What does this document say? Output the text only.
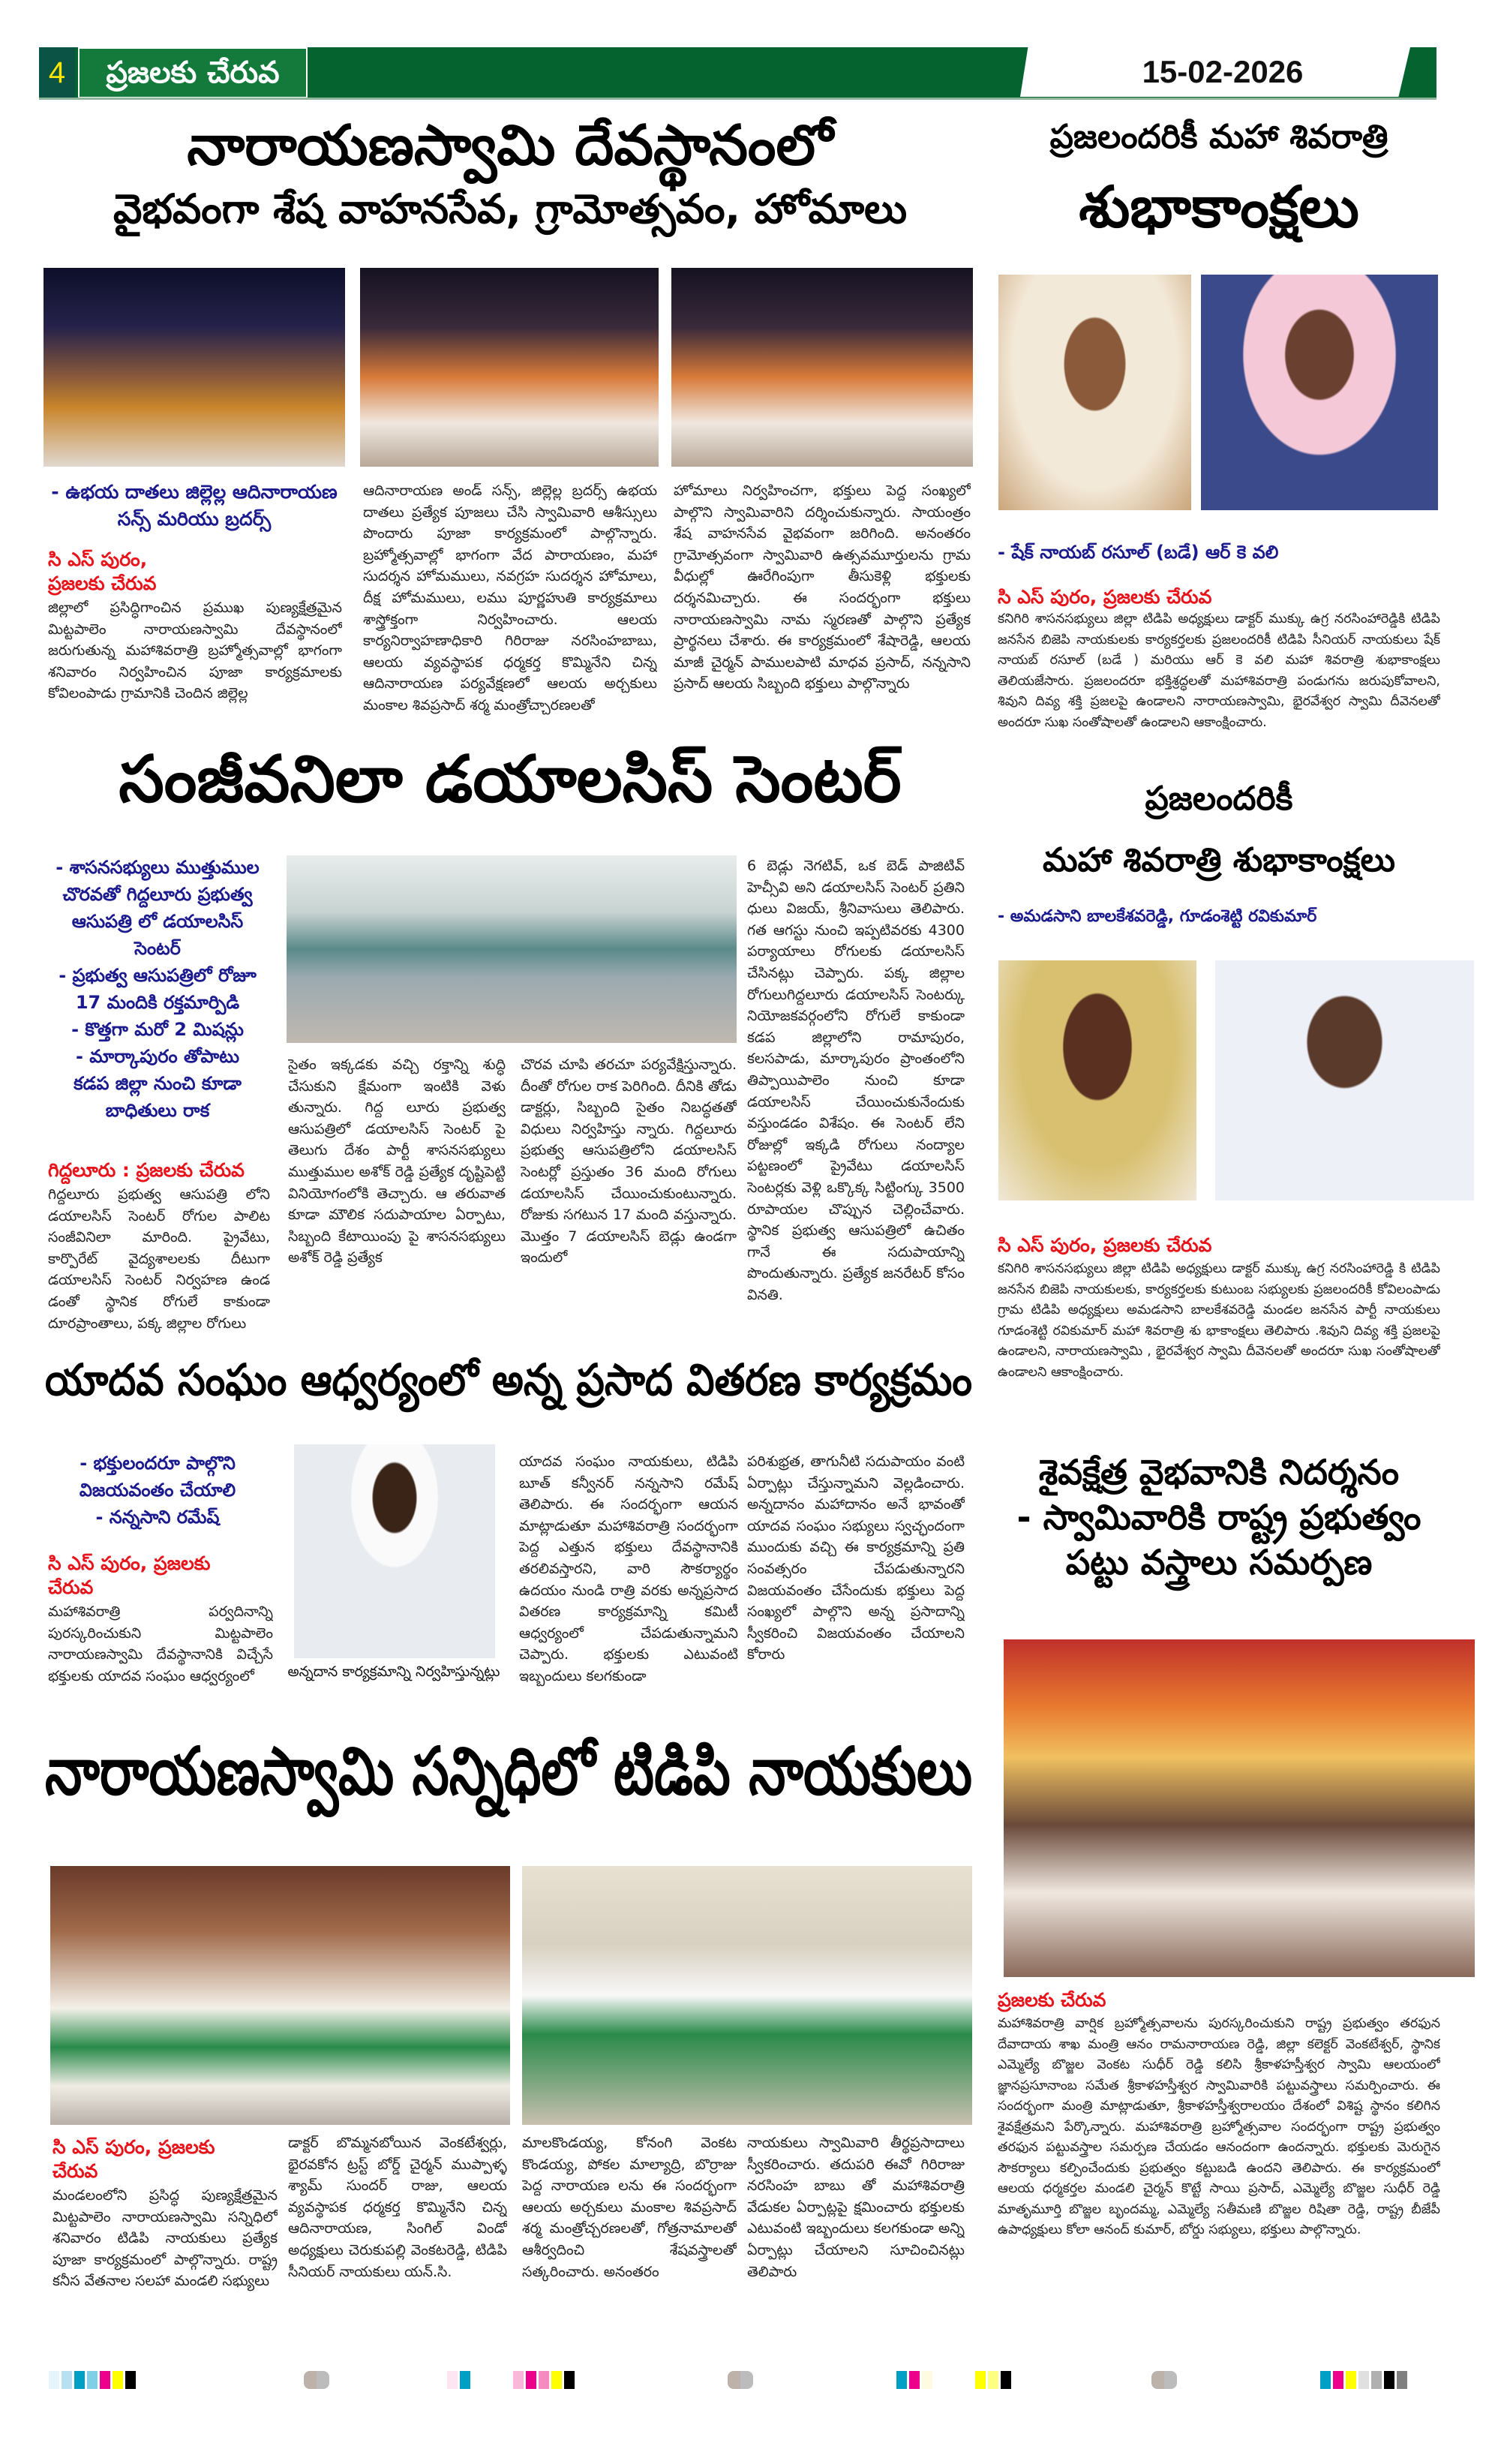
4	ప్రజలకు చేరువ	15-02-2026
నారాయణస్వామి దేవస్థానంలో
వైభవంగా శేష వాహనసేవ, గ్రామోత్సవం, హోమాలు
- ఉభయ దాతలు జిల్లెల్ల ఆదినారాయణ
సన్స్ మరియు బ్రదర్స్
సి ఎస్ పురం,
ప్రజలకు చేరువ
జిల్లాలో ప్రసిద్ధిగాంచిన ప్రముఖ పుణ్యక్షేత్రమైన మిట్టపాలెం నారాయణస్వామి దేవస్థానంలో జరుగుతున్న మహాశివరాత్రి బ్రహ్మోత్సవాల్లో భాగంగా శనివారం నిర్వహించిన పూజా కార్యక్రమాలకు కోవిలంపాడు గ్రామానికి చెందిన జిల్లెల్ల
ఆదినారాయణ అండ్ సన్స్, జిల్లెల్ల బ్రదర్స్ ఉభయ దాతలు ప్రత్యేక పూజలు చేసి స్వామివారి ఆశీస్సులు పొందారు పూజా కార్యక్రమంలో పాల్గొన్నారు. బ్రహ్మోత్సవాల్లో భాగంగా వేద పారాయణం, మహా సుదర్శన హోమములు, నవగ్రహ సుదర్శన హోమాలు, దీక్ష హోమములు, లము పూర్ణహుతి కార్యక్రమాలు శాస్త్రోక్తంగా నిర్వహించారు. ఆలయ కార్యనిర్వాహణాధికారి గిరిరాజు నరసింహబాబు, ఆలయ వ్యవస్థాపక ధర్మకర్త కొమ్మినేని చిన్న ఆదినారాయణ పర్యవేక్షణలో ఆలయ అర్చకులు మంకాల శివప్రసాద్ శర్మ మంత్రోచ్చారణలతో
హోమాలు నిర్వహించగా, భక్తులు పెద్ద సంఖ్యలో పాల్గొని స్వామివారిని దర్శించుకున్నారు. సాయంత్రం శేష వాహనసేవ వైభవంగా జరిగింది. అనంతరం గ్రామోత్సవంగా స్వామివారి ఉత్సవమూర్తులను గ్రామ వీధుల్లో ఊరేగింపుగా తీసుకెళ్లి భక్తులకు దర్శనమిచ్చారు. ఈ సందర్భంగా భక్తులు నారాయణస్వామి నామ స్మరణతో పాల్గొని ప్రత్యేక ప్రార్థనలు చేశారు. ఈ కార్యక్రమంలో శేషారెడ్డి, ఆలయ మాజీ చైర్మన్ పాములపాటి మాధవ ప్రసాద్, నన్నసాని ప్రసాద్ ఆలయ సిబ్బంది భక్తులు పాల్గొన్నారు
ప్రజలందరికీ మహా శివరాత్రి
శుభాకాంక్షలు
- షేక్ నాయబ్ రసూల్ (బడే) ఆర్ కె వలి
సి ఎస్ పురం, ప్రజలకు చేరువ
కనిగిరి శాసనసభ్యులు జిల్లా టిడిపి అధ్యక్షులు డాక్టర్ ముక్కు ఉగ్ర నరసింహారెడ్డికి టిడిపి జనసేన బిజెపి నాయకులకు కార్యకర్తలకు ప్రజలందరికీ టిడిపి సీనియర్ నాయకులు షేక్ నాయబ్ రసూల్ (బడే ) మరియు ఆర్ కె వలి మహా శివరాత్రి శుభాకాంక్షలు తెలియజేసారు. ప్రజలందరూ భక్తిశ్రద్ధలతో మహాశివరాత్రి పండుగను జరుపుకోవాలని, శివుని దివ్య శక్తి ప్రజలపై ఉండాలని నారాయణస్వామి, భైరవేశ్వర స్వామి దీవెనలతో అందరూ సుఖ సంతోషాలతో ఉండాలని ఆకాంక్షించారు.
సంజీవనిలా డయాలసిస్ సెంటర్
- శాసనసభ్యులు ముత్తుముల
చొరవతో గిద్దలూరు ప్రభుత్వ
ఆసుపత్రి లో డయాలసిస్
సెంటర్
- ప్రభుత్వ ఆసుపత్రిలో రోజూ
17 మందికి రక్తమార్పిడి
- కొత్తగా మరో 2 మిషన్లు
- మార్కాపురం తోపాటు
కడప జిల్లా నుంచి కూడా
బాధితులు రాక
గిద్దలూరు : ప్రజలకు చేరువ
గిద్దలూరు ప్రభుత్వ ఆసుపత్రి లోని డయాలసిస్ సెంటర్ రోగుల పాలిట సంజీవినిలా మారింది. ప్రైవేటు, కార్పొరేట్ వైద్యశాలలకు దీటుగా డయాలసిస్ సెంటర్ నిర్వహణ ఉండ డంతో స్థానిక రోగులే కాకుండా దూరప్రాంతాలు, పక్క జిల్లాల రోగులు
సైతం ఇక్కడకు వచ్చి రక్తాన్ని శుద్ధి చేసుకుని క్షేమంగా ఇంటికి వెళు తున్నారు. గిద్ద లూరు ప్రభుత్వ ఆసుపత్రిలో డయాలసిస్ సెంటర్ పై తెలుగు దేశం పార్టీ శాసనసభ్యులు ముత్తుముల అశోక్ రెడ్డి ప్రత్యేక దృష్టిపెట్టి వినియోగంలోకి తెచ్చారు. ఆ తరువాత కూడా మౌలిక సదుపాయాల ఏర్పాటు, సిబ్బంది కేటాయింపు పై శాసనసభ్యులు అశోక్ రెడ్డి ప్రత్యేక
చొరవ చూపి తరచూ పర్యవేక్షిస్తున్నారు. దీంతో రోగుల రాక పెరిగింది. దీనికి తోడు డాక్టర్లు, సిబ్బంది సైతం నిబద్ధతతో విధులు నిర్వహిస్తు న్నారు. గిద్దలూరు ప్రభుత్వ ఆసుపత్రిలోని డయాలసిస్ సెంటర్లో ప్రస్తుతం 36 మంది రోగులు డయాలసిస్ చేయించుకుంటున్నారు. రోజుకు సగటున 17 మంది వస్తున్నారు. మొత్తం 7 డయాలసిస్ బెడ్లు ఉండగా ఇందులో
6 బెడ్లు నెగటివ్, ఒక బెడ్ పాజిటివ్ హెచ్సీవి అని డయాలసిస్ సెంటర్ ప్రతిని ధులు విజయ్, శ్రీనివాసులు తెలిపారు. గత ఆగస్టు నుంచి ఇప్పటివరకు 4300 పర్యాయాలు రోగులకు డయాలసిస్ చేసినట్లు చెప్పారు. పక్క జిల్లాల రోగులుగిద్దలూరు డయాలసిస్ సెంటర్కు నియోజకవర్గంలోని రోగులే కాకుండా కడప జిల్లాలోని రామాపురం, కలసపాడు, మార్కాపురం ప్రాంతంలోని తిప్పాయిపాలెం నుంచి కూడా డయాలసిస్ చేయించుకునేందుకు వస్తుండడం విశేషం. ఈ సెంటర్ లేని రోజుల్లో ఇక్కడి రోగులు నంద్యాల పట్టణంలో ప్రైవేటు డయాలసిస్ సెంటర్లకు వెళ్లి ఒక్కొక్క సిట్టింగ్కు 3500 రూపాయల చొప్పున చెల్లించేవారు. స్థానిక ప్రభుత్వ ఆసుపత్రిలో ఉచితం గానే ఈ సదుపాయాన్ని పొందుతున్నారు. ప్రత్యేక జనరేటర్ కోసం వినతి.
ప్రజలందరికీ
మహా శివరాత్రి శుభాకాంక్షలు
- అమడసాని బాలకేశవరెడ్డి, గూడంశెట్టి రవికుమార్
సి ఎస్ పురం, ప్రజలకు చేరువ
కనిగిరి శాసనసభ్యులు జిల్లా టిడిపి అధ్యక్షులు డాక్టర్ ముక్కు ఉగ్ర నరసింహారెడ్డి కి టిడిపి జనసేన బిజెపి నాయకులకు, కార్యకర్తలకు కుటుంబ సభ్యులకు ప్రజలందరికీ కోవిలంపాడు గ్రామ టిడిపి అధ్యక్షులు అమడసాని బాలకేశవరెడ్డి మండల జనసేన పార్టీ నాయకులు గూడంశెట్టి రవికుమార్ మహా శివరాత్రి శు భాకాంక్షలు తెలిపారు .శివుని దివ్య శక్తి ప్రజలపై ఉండాలని, నారాయణస్వామి , భైరవేశ్వర స్వామి దీవెనలతో అందరూ సుఖ సంతోషాలతో ఉండాలని ఆకాంక్షించారు.
యాదవ సంఘం ఆధ్వర్యంలో అన్న ప్రసాద వితరణ కార్యక్రమం
- భక్తులందరూ పాల్గొని
విజయవంతం చేయాలి
- నన్నసాని రమేష్
సి ఎస్ పురం, ప్రజలకు చేరువ
మహాశివరాత్రి పర్వదినాన్ని పురస్కరించుకుని మిట్టపాలెం నారాయణస్వామి దేవస్థానానికి విచ్చేసే భక్తులకు యాదవ సంఘం ఆధ్వర్యంలో	అన్నదాన కార్యక్రమాన్ని నిర్వహిస్తున్నట్లు
యాదవ సంఘం నాయకులు, టిడిపి బూత్ కన్వీనర్ నన్నసాని రమేష్ తెలిపారు. ఈ సందర్భంగా ఆయన మాట్లాడుతూ మహాశివరాత్రి సందర్భంగా పెద్ద ఎత్తున భక్తులు దేవస్థానానికి తరలివస్తారని, వారి సౌకర్యార్థం ఉదయం నుండి రాత్రి వరకు అన్నప్రసాద వితరణ కార్యక్రమాన్ని కమిటీ ఆధ్వర్యంలో చేపడుతున్నామని చెప్పారు. భక్తులకు ఎటువంటి ఇబ్బందులు కలగకుండా
పరిశుభ్రత, తాగునీటి సదుపాయం వంటి ఏర్పాట్లు చేస్తున్నామని వెల్లడించారు. అన్నదానం మహాదానం అనే భావంతో యాదవ సంఘం సభ్యులు స్వచ్ఛందంగా ముందుకు వచ్చి ఈ కార్యక్రమాన్ని ప్రతి సంవత్సరం చేపడుతున్నారని విజయవంతం చేసేందుకు భక్తులు పెద్ద సంఖ్యలో పాల్గొని అన్న ప్రసాదాన్ని స్వీకరించి విజయవంతం చేయాలని కోరారు
శైవక్షేత్ర వైభవానికి నిదర్శనం
- స్వామివారికి రాష్ట్ర ప్రభుత్వం
పట్టు వస్త్రాలు సమర్పణ
ప్రజలకు చేరువ
మహాశివరాత్రి వార్షిక బ్రహ్మోత్సవాలను పురస్కరించుకుని రాష్ట్ర ప్రభుత్వం తరఫున దేవాదాయ శాఖ మంత్రి ఆనం రామనారాయణ రెడ్డి, జిల్లా కలెక్టర్ వెంకటేశ్వర్, స్థానిక ఎమ్మెల్యే బొజ్జల వెంకట సుధీర్ రెడ్డి కలిసి శ్రీకాళహస్తీశ్వర స్వామి ఆలయంలో జ్ఞానప్రసూనాంబ సమేత శ్రీకాళహస్తీశ్వర స్వామివారికి పట్టువస్త్రాలు సమర్పించారు. ఈ సందర్భంగా మంత్రి మాట్లాడుతూ, శ్రీకాళహస్తీశ్వరాలయం దేశంలో విశిష్ట స్థానం కలిగిన శైవక్షేత్రమని పేర్కొన్నారు. మహాశివరాత్రి బ్రహ్మోత్సవాల సందర్భంగా రాష్ట్ర ప్రభుత్వం తరఫున పట్టువస్త్రాల సమర్పణ చేయడం ఆనందంగా ఉందన్నారు. భక్తులకు మెరుగైన సౌకర్యాలు కల్పించేందుకు ప్రభుత్వం కట్టుబడి ఉందని తెలిపారు. ఈ కార్యక్రమంలో ఆలయ ధర్మకర్తల మండలి చైర్మన్ కొట్టే సాయి ప్రసాద్, ఎమ్మెల్యే బొజ్జల సుధీర్ రెడ్డి మాతృమూర్తి బొజ్జల బృందమ్మ, ఎమ్మెల్యే సతీమణి బొజ్జల రిషితా రెడ్డి, రాష్ట్ర బీజేపీ ఉపాధ్యక్షులు కోలా ఆనంద్ కుమార్, బోర్డు సభ్యులు, భక్తులు పాల్గొన్నారు.
నారాయణస్వామి సన్నిధిలో టిడిపి నాయకులు
సి ఎస్ పురం, ప్రజలకు
చేరువ
మండలంలోని ప్రసిద్ధ పుణ్యక్షేత్రమైన మిట్టపాలెం నారాయణస్వామి సన్నిధిలో శనివారం టిడిపి నాయకులు ప్రత్యేక పూజా కార్యక్రమంలో పాల్గొన్నారు. రాష్ట్ర కనీస వేతనాల సలహా మండలి సభ్యులు
డాక్టర్ బొమ్మనబోయిన వెంకటేశ్వర్లు, భైరవకోన ట్రస్ట్ బోర్డ్ చైర్మన్ ముప్పాళ్ళ శ్యామ్ సుందర్ రాజు, ఆలయ వ్యవస్థాపక ధర్మకర్త కొమ్మినేని చిన్న ఆదినారాయణ, సింగిల్ విండో అధ్యక్షులు చెరుకుపల్లి వెంకటరెడ్డి, టిడిపి సీనియర్ నాయకులు యన్.సి.
మాలకొండయ్య, కోనంగి వెంకట కొండయ్య, పోకల మాల్యాద్రి, బొర్రాజు పెద్ద నారాయణ లను ఈ సందర్భంగా ఆలయ అర్చకులు మంకాల శివప్రసాద్ శర్మ మంత్రోచ్చరణలతో, గోత్రనామాలతో ఆశీర్వదించి శేషవస్త్రాలతో సత్కరించారు. అనంతరం
నాయకులు స్వామివారి తీర్థప్రసాదాలు స్వీకరించారు. తదుపరి ఈవో గిరిరాజు నరసింహ బాబు తో మహాశివరాత్రి వేడుకల ఏర్పాట్లపై క్షమించారు భక్తులకు ఎటువంటి ఇబ్బందులు కలగకుండా అన్ని ఏర్పాట్లు చేయాలని సూచించినట్లు తెలిపారు
